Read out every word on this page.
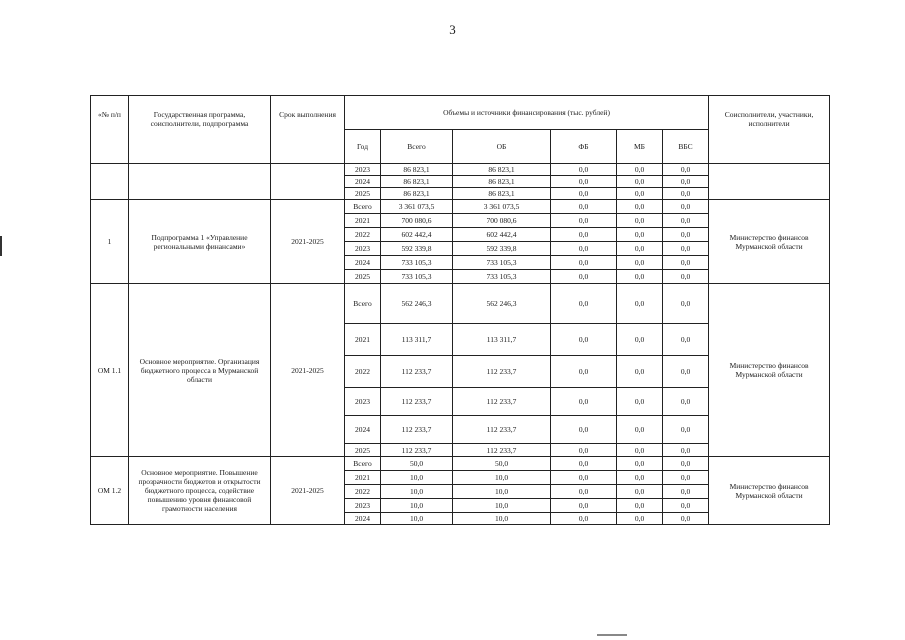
3
«№ п/п	Государственная программа, соисполнители, подпрограмма	Срок выполнения	Объемы и источники финансирования (тыс. рублей)						Соисполнители, участники, исполнители
			Год	Всего	ОБ	ФБ	МБ	ВБС	
			2023	86 823,1	86 823,1	0,0	0,0	0,0	
			2024	86 823,1	86 823,1	0,0	0,0	0,0	
			2025	86 823,1	86 823,1	0,0	0,0	0,0	
1	Подпрограмма 1 «Управление региональными финансами»	2021-2025	Всего	3 361 073,5	3 361 073,5	0,0	0,0	0,0	Министерство финансов Мурманской области
			2021	700 080,6	700 080,6	0,0	0,0	0,0	
			2022	602 442,4	602 442,4	0,0	0,0	0,0	
			2023	592 339,8	592 339,8	0,0	0,0	0,0	
			2024	733 105,3	733 105,3	0,0	0,0	0,0	
			2025	733 105,3	733 105,3	0,0	0,0	0,0	
ОМ 1.1	Основное мероприятие. Организация бюджетного процесса в Мурманской области	2021-2025	Всего	562 246,3	562 246,3	0,0	0,0	0,0	Министерство финансов Мурманской области
			2021	113 311,7	113 311,7	0,0	0,0	0,0	
			2022	112 233,7	112 233,7	0,0	0,0	0,0	
			2023	112 233,7	112 233,7	0,0	0,0	0,0	
			2024	112 233,7	112 233,7	0,0	0,0	0,0	
			2025	112 233,7	112 233,7	0,0	0,0	0,0	
ОМ 1.2	Основное мероприятие. Повышение прозрачности бюджетов и открытости бюджетного процесса, содействие повышению уровня финансовой грамотности населения	2021-2025	Всего	50,0	50,0	0,0	0,0	0,0	Министерство финансов Мурманской области
			2021	10,0	10,0	0,0	0,0	0,0	
			2022	10,0	10,0	0,0	0,0	0,0	
			2023	10,0	10,0	0,0	0,0	0,0	
			2024	10,0	10,0	0,0	0,0	0,0	
